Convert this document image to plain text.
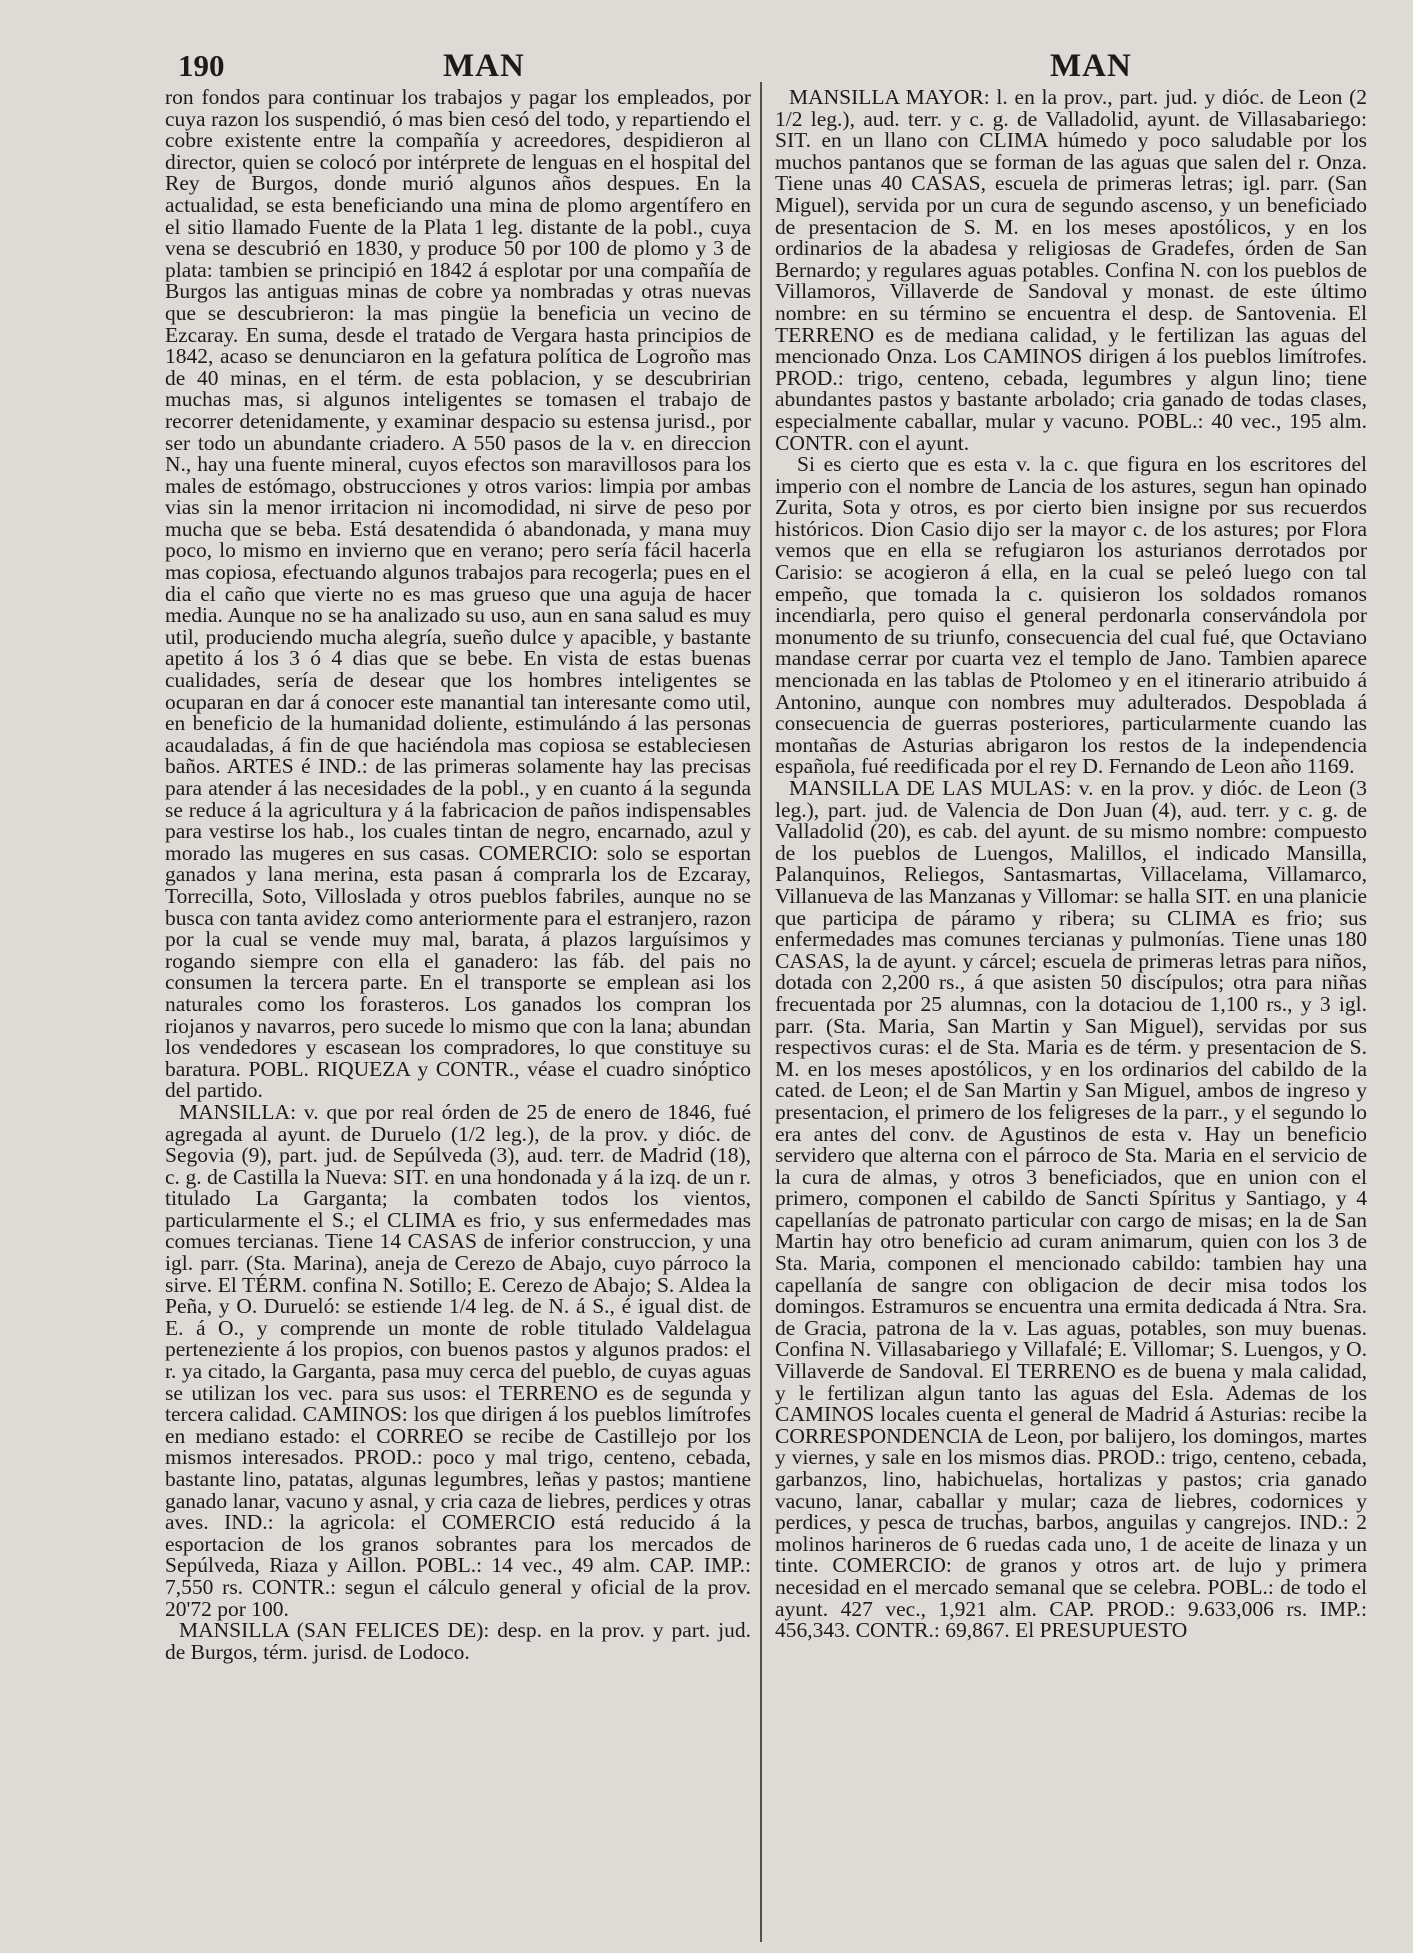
190	MAN	MAN

ron fondos para continuar los trabajos y pagar los empleados, por cuya razon los suspendió, ó mas bien cesó del todo, y repartiendo el cobre existente entre la compañía y acreedores, despidieron al director, quien se colocó por intérprete de lenguas en el hospital del Rey de Burgos, donde murió algunos años despues. En la actualidad, se esta beneficiando una mina de plomo argentífero en el sitio llamado Fuente de la Plata 1 leg. distante de la pobl., cuya vena se descubrió en 1830, y produce 50 por 100 de plomo y 3 de plata: tambien se principió en 1842 á esplotar por una compañía de Burgos las antiguas minas de cobre ya nombradas y otras nuevas que se descubrieron: la mas pingüe la beneficia un vecino de Ezcaray. En suma, desde el tratado de Vergara hasta principios de 1842, acaso se denunciaron en la gefatura política de Logroño mas de 40 minas, en el térm. de esta poblacion, y se descubririan muchas mas, si algunos inteligentes se tomasen el trabajo de recorrer detenidamente, y examinar despacio su estensa jurisd., por ser todo un abundante criadero. A 550 pasos de la v. en direccion N., hay una fuente mineral, cuyos efectos son maravillosos para los males de estómago, obstrucciones y otros varios: limpia por ambas vias sin la menor irritacion ni incomodidad, ni sirve de peso por mucha que se beba. Está desatendida ó abandonada, y mana muy poco, lo mismo en invierno que en verano; pero sería fácil hacerla mas copiosa, efectuando algunos trabajos para recogerla; pues en el dia el caño que vierte no es mas grueso que una aguja de hacer media. Aunque no se ha analizado su uso, aun en sana salud es muy util, produciendo mucha alegría, sueño dulce y apacible, y bastante apetito á los 3 ó 4 dias que se bebe. En vista de estas buenas cualidades, sería de desear que los hombres inteligentes se ocuparan en dar á conocer este manantial tan interesante como util, en beneficio de la humanidad doliente, estimulándo á las personas acaudaladas, á fin de que haciéndola mas copiosa se estableciesen baños. ARTES é IND.: de las primeras solamente hay las precisas para atender á las necesidades de la pobl., y en cuanto á la segunda se reduce á la agricultura y á la fabricacion de paños indispensables para vestirse los hab., los cuales tintan de negro, encarnado, azul y morado las mugeres en sus casas. COMERCIO: solo se esportan ganados y lana merina, esta pasan á comprarla los de Ezcaray, Torrecilla, Soto, Villoslada y otros pueblos fabriles, aunque no se busca con tanta avidez como anteriormente para el estranjero, razon por la cual se vende muy mal, barata, á plazos larguísimos y rogando siempre con ella el ganadero: las fáb. del pais no consumen la tercera parte. En el transporte se emplean asi los naturales como los forasteros. Los ganados los compran los riojanos y navarros, pero sucede lo mismo que con la lana; abundan los vendedores y escasean los compradores, lo que constituye su baratura. POBL. RIQUEZA y CONTR., véase el cuadro sinóptico del partido.

MANSILLA: v. que por real órden de 25 de enero de 1846, fué agregada al ayunt. de Duruelo (1/2 leg.), de la prov. y dióc. de Segovia (9), part. jud. de Sepúlveda (3), aud. terr. de Madrid (18), c. g. de Castilla la Nueva: SIT. en una hondonada y á la izq. de un r. titulado La Garganta; la combaten todos los vientos, particularmente el S.; el CLIMA es frio, y sus enfermedades mas comues tercianas. Tiene 14 CASAS de inferior construccion, y una igl. parr. (Sta. Marina), aneja de Cerezo de Abajo, cuyo párroco la sirve. El TÉRM. confina N. Sotillo; E. Cerezo de Abajo; S. Aldea la Peña, y O. Durueló: se estiende 1/4 leg. de N. á S., é igual dist. de E. á O., y comprende un monte de roble titulado Valdelagua perteneziente á los propios, con buenos pastos y algunos prados: el r. ya citado, la Garganta, pasa muy cerca del pueblo, de cuyas aguas se utilizan los vec. para sus usos: el TERRENO es de segunda y tercera calidad. CAMINOS: los que dirigen á los pueblos limítrofes en mediano estado: el CORREO se recibe de Castillejo por los mismos interesados. PROD.: poco y mal trigo, centeno, cebada, bastante lino, patatas, algunas legumbres, leñas y pastos; mantiene ganado lanar, vacuno y asnal, y cria caza de liebres, perdices y otras aves. IND.: la agricola: el COMERCIO está reducido á la esportacion de los granos sobrantes para los mercados de Sepúlveda, Riaza y Aillon. POBL.: 14 vec., 49 alm. CAP. IMP.: 7,550 rs. CONTR.: segun el cálculo general y oficial de la prov. 20'72 por 100.

MANSILLA (SAN FELICES DE): desp. en la prov. y part. jud. de Burgos, térm. jurisd. de Lodoco.

MANSILLA MAYOR: l. en la prov., part. jud. y dióc. de Leon (2 1/2 leg.), aud. terr. y c. g. de Valladolid, ayunt. de Villasabariego: SIT. en un llano con CLIMA húmedo y poco saludable por los muchos pantanos que se forman de las aguas que salen del r. Onza. Tiene unas 40 CASAS, escuela de primeras letras; igl. parr. (San Miguel), servida por un cura de segundo ascenso, y un beneficiado de presentacion de S. M. en los meses apostólicos, y en los ordinarios de la abadesa y religiosas de Gradefes, órden de San Bernardo; y regulares aguas potables. Confina N. con los pueblos de Villamoros, Villaverde de Sandoval y monast. de este último nombre: en su término se encuentra el desp. de Santovenia. El TERRENO es de mediana calidad, y le fertilizan las aguas del mencionado Onza. Los CAMINOS dirigen á los pueblos limítrofes. PROD.: trigo, centeno, cebada, legumbres y algun lino; tiene abundantes pastos y bastante arbolado; cria ganado de todas clases, especialmente caballar, mular y vacuno. POBL.: 40 vec., 195 alm. CONTR. con el ayunt.

Si es cierto que es esta v. la c. que figura en los escritores del imperio con el nombre de Lancia de los astures, segun han opinado Zurita, Sota y otros, es por cierto bien insigne por sus recuerdos históricos. Dion Casio dijo ser la mayor c. de los astures; por Flora vemos que en ella se refugiaron los asturianos derrotados por Carisio: se acogieron á ella, en la cual se peleó luego con tal empeño, que tomada la c. quisieron los soldados romanos incendiarla, pero quiso el general perdonarla conservándola por monumento de su triunfo, consecuencia del cual fué, que Octaviano mandase cerrar por cuarta vez el templo de Jano. Tambien aparece mencionada en las tablas de Ptolomeo y en el itinerario atribuido á Antonino, aunque con nombres muy adulterados. Despoblada á consecuencia de guerras posteriores, particularmente cuando las montañas de Asturias abrigaron los restos de la independencia española, fué reedificada por el rey D. Fernando de Leon año 1169.

MANSILLA DE LAS MULAS: v. en la prov. y dióc. de Leon (3 leg.), part. jud. de Valencia de Don Juan (4), aud. terr. y c. g. de Valladolid (20), es cab. del ayunt. de su mismo nombre: compuesto de los pueblos de Luengos, Malillos, el indicado Mansilla, Palanquinos, Reliegos, Santasmartas, Villacelama, Villamarco, Villanueva de las Manzanas y Villomar: se halla SIT. en una planicie que participa de páramo y ribera; su CLIMA es frio; sus enfermedades mas comunes tercianas y pulmonías. Tiene unas 180 CASAS, la de ayunt. y cárcel; escuela de primeras letras para niños, dotada con 2,200 rs., á que asisten 50 discípulos; otra para niñas frecuentada por 25 alumnas, con la dotaciou de 1,100 rs., y 3 igl. parr. (Sta. Maria, San Martin y San Miguel), servidas por sus respectivos curas: el de Sta. Maria es de térm. y presentacion de S. M. en los meses apostólicos, y en los ordinarios del cabildo de la cated. de Leon; el de San Martin y San Miguel, ambos de ingreso y presentacion, el primero de los feligreses de la parr., y el segundo lo era antes del conv. de Agustinos de esta v. Hay un beneficio servidero que alterna con el párroco de Sta. Maria en el servicio de la cura de almas, y otros 3 beneficiados, que en union con el primero, componen el cabildo de Sancti Spíritus y Santiago, y 4 capellanías de patronato particular con cargo de misas; en la de San Martin hay otro beneficio ad curam animarum, quien con los 3 de Sta. Maria, componen el mencionado cabildo: tambien hay una capellanía de sangre con obligacion de decir misa todos los domingos. Estramuros se encuentra una ermita dedicada á Ntra. Sra. de Gracia, patrona de la v. Las aguas, potables, son muy buenas. Confina N. Villasabariego y Villafalé; E. Villomar; S. Luengos, y O. Villaverde de Sandoval. El TERRENO es de buena y mala calidad, y le fertilizan algun tanto las aguas del Esla. Ademas de los CAMINOS locales cuenta el general de Madrid á Asturias: recibe la CORRESPONDENCIA de Leon, por balijero, los domingos, martes y viernes, y sale en los mismos dias. PROD.: trigo, centeno, cebada, garbanzos, lino, habichuelas, hortalizas y pastos; cria ganado vacuno, lanar, caballar y mular; caza de liebres, codornices y perdices, y pesca de truchas, barbos, anguilas y cangrejos. IND.: 2 molinos harineros de 6 ruedas cada uno, 1 de aceite de linaza y un tinte. COMERCIO: de granos y otros art. de lujo y primera necesidad en el mercado semanal que se celebra. POBL.: de todo el ayunt. 427 vec., 1,921 alm. CAP. PROD.: 9.633,006 rs. IMP.: 456,343. CONTR.: 69,867. El PRESUPUESTO
